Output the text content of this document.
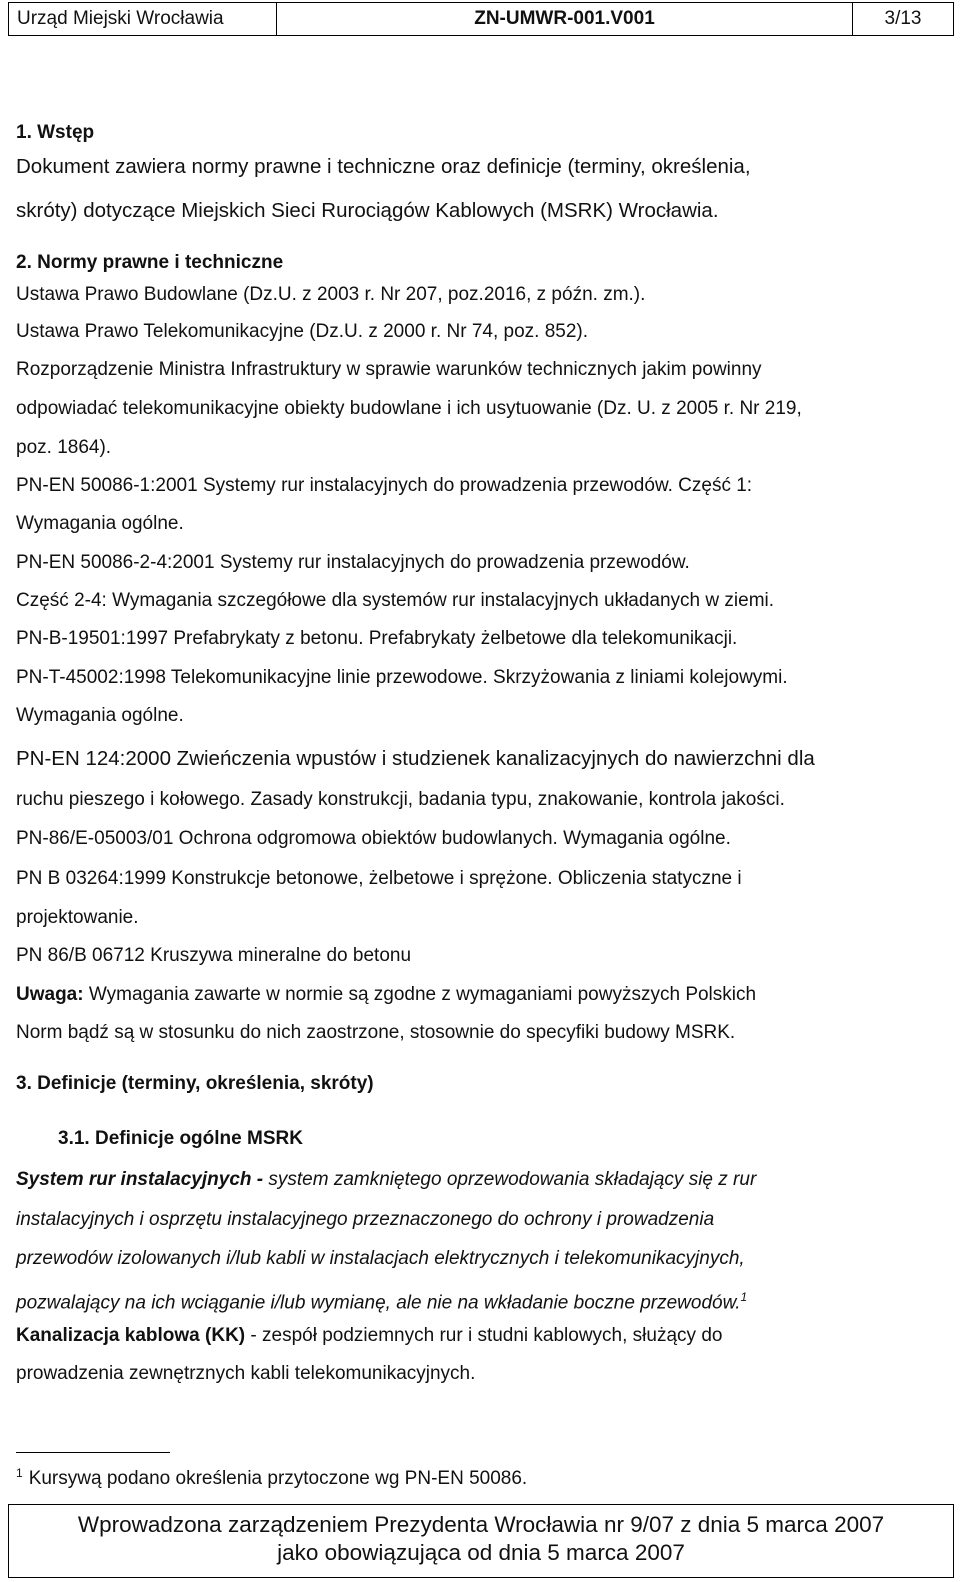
Urząd Miejski Wrocławia	ZN-UMWR-001.V001	3/13
1. Wstęp
Dokument zawiera normy prawne i techniczne oraz definicje (terminy, określenia,
skróty) dotyczące Miejskich Sieci Rurociągów Kablowych (MSRK) Wrocławia.
2. Normy prawne i techniczne
Ustawa Prawo Budowlane (Dz.U. z 2003 r. Nr 207, poz.2016, z późn. zm.).
Ustawa Prawo Telekomunikacyjne (Dz.U. z 2000 r. Nr 74, poz. 852).
Rozporządzenie Ministra Infrastruktury w sprawie warunków technicznych jakim powinny
odpowiadać telekomunikacyjne obiekty budowlane i ich usytuowanie (Dz. U. z 2005 r. Nr 219,
poz. 1864).
PN-EN 50086-1:2001 Systemy rur instalacyjnych do prowadzenia przewodów. Część 1:
Wymagania ogólne.
PN-EN 50086-2-4:2001 Systemy rur instalacyjnych do prowadzenia przewodów.
Część 2-4: Wymagania szczegółowe dla systemów rur instalacyjnych układanych w ziemi.
PN-B-19501:1997 Prefabrykaty z betonu. Prefabrykaty żelbetowe dla telekomunikacji.
PN-T-45002:1998 Telekomunikacyjne linie przewodowe. Skrzyżowania z liniami kolejowymi.
Wymagania ogólne.
PN-EN 124:2000 Zwieńczenia wpustów i studzienek kanalizacyjnych do nawierzchni dla
ruchu pieszego i kołowego. Zasady konstrukcji, badania typu, znakowanie, kontrola jakości.
PN-86/E-05003/01 Ochrona odgromowa obiektów budowlanych. Wymagania ogólne.
PN B 03264:1999 Konstrukcje betonowe, żelbetowe i sprężone. Obliczenia statyczne i
projektowanie.
PN 86/B 06712 Kruszywa mineralne do betonu
Uwaga: Wymagania zawarte w normie są zgodne z wymaganiami powyższych Polskich
Norm bądź są w stosunku do nich zaostrzone, stosownie do specyfiki budowy MSRK.
3. Definicje (terminy, określenia, skróty)
3.1. Definicje ogólne MSRK
System rur instalacyjnych - system zamkniętego oprzewodowania składający się z rur
instalacyjnych i osprzętu instalacyjnego przeznaczonego do ochrony i prowadzenia
przewodów izolowanych i/lub kabli w instalacjach elektrycznych i telekomunikacyjnych,
pozwalający na ich wciąganie i/lub wymianę, ale nie na wkładanie boczne przewodów.$^1$
Kanalizacja kablowa (KK) - zespół podziemnych rur i studni kablowych, służący do
prowadzenia zewnętrznych kabli telekomunikacyjnych.
$^1$ Kursywą podano określenia przytoczone wg PN-EN 50086.
Wprowadzona zarządzeniem Prezydenta Wrocławia nr 9/07 z dnia 5 marca 2007
jako obowiązująca od dnia 5 marca 2007
